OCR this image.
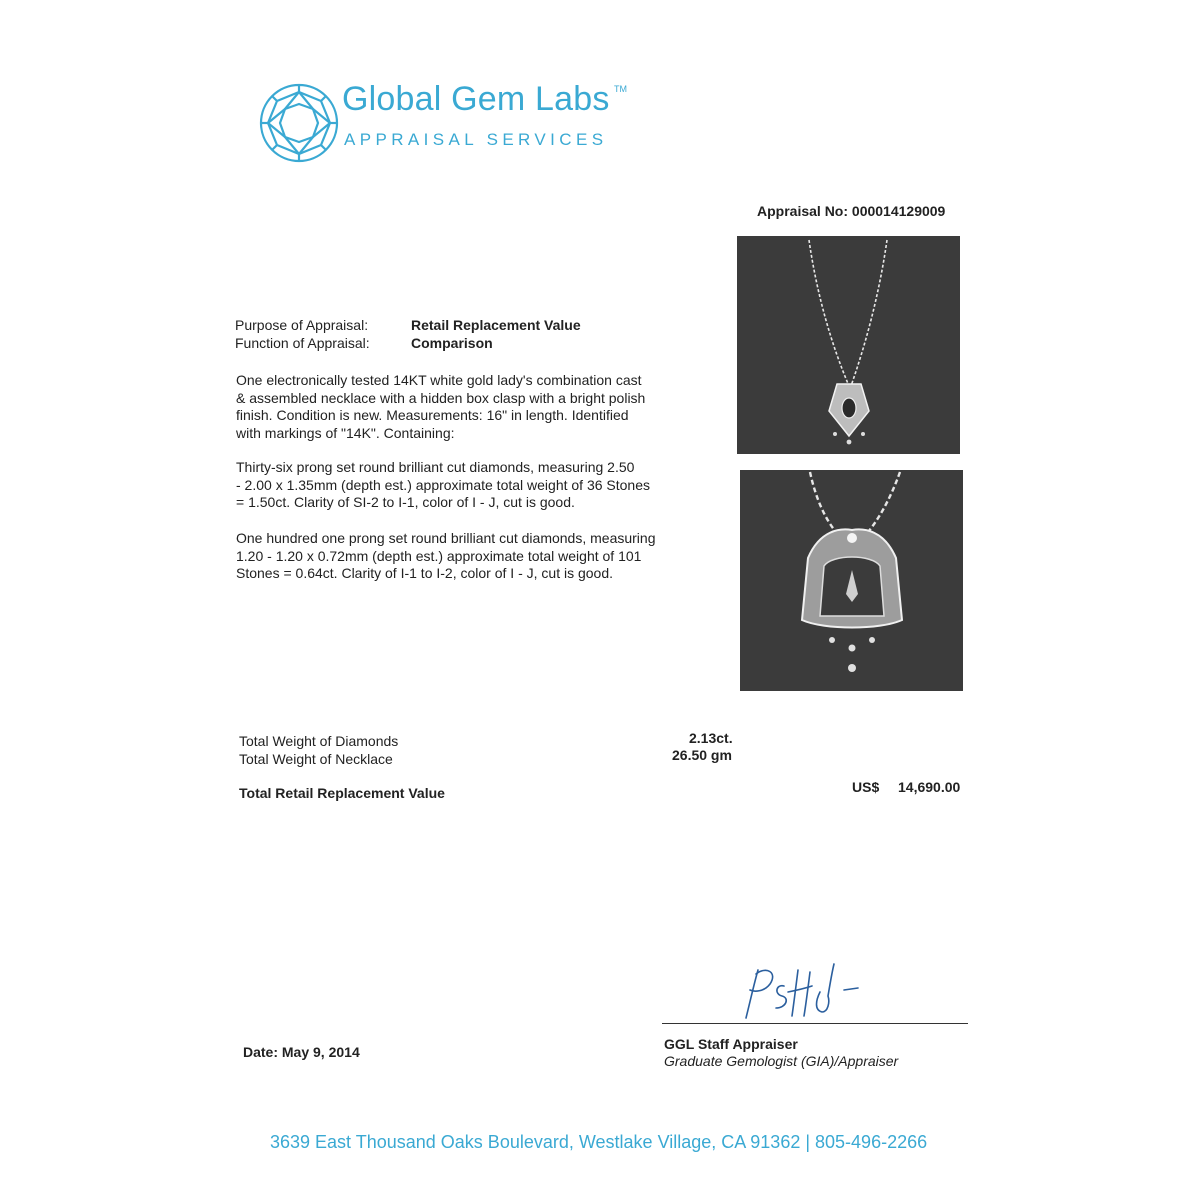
Global Gem Labs TM
APPRAISAL SERVICES
Appraisal No: 000014129009
Purpose of Appraisal:	Retail Replacement Value
Function of Appraisal:	Comparison
One electronically tested 14KT white gold lady's combination cast
& assembled necklace with a hidden box clasp with a bright polish
finish. Condition is new. Measurements: 16" in length. Identified
with markings of "14K". Containing:
Thirty-six prong set round brilliant cut diamonds, measuring 2.50
- 2.00 x 1.35mm (depth est.) approximate total weight of 36 Stones
= 1.50ct. Clarity of SI-2 to I-1, color of I - J, cut is good.
One hundred one prong set round brilliant cut diamonds, measuring
1.20 - 1.20 x 0.72mm (depth est.) approximate total weight of 101
Stones = 0.64ct. Clarity of I-1 to I-2, color of I - J, cut is good.
Total Weight of Diamonds	2.13ct.
Total Weight of Necklace	26.50 gm
Total Retail Replacement Value	US$ 14,690.00
GGL Staff Appraiser
Graduate Gemologist (GIA)/Appraiser
Date: May 9, 2014
3639 East Thousand Oaks Boulevard, Westlake Village, CA 91362 | 805-496-2266
